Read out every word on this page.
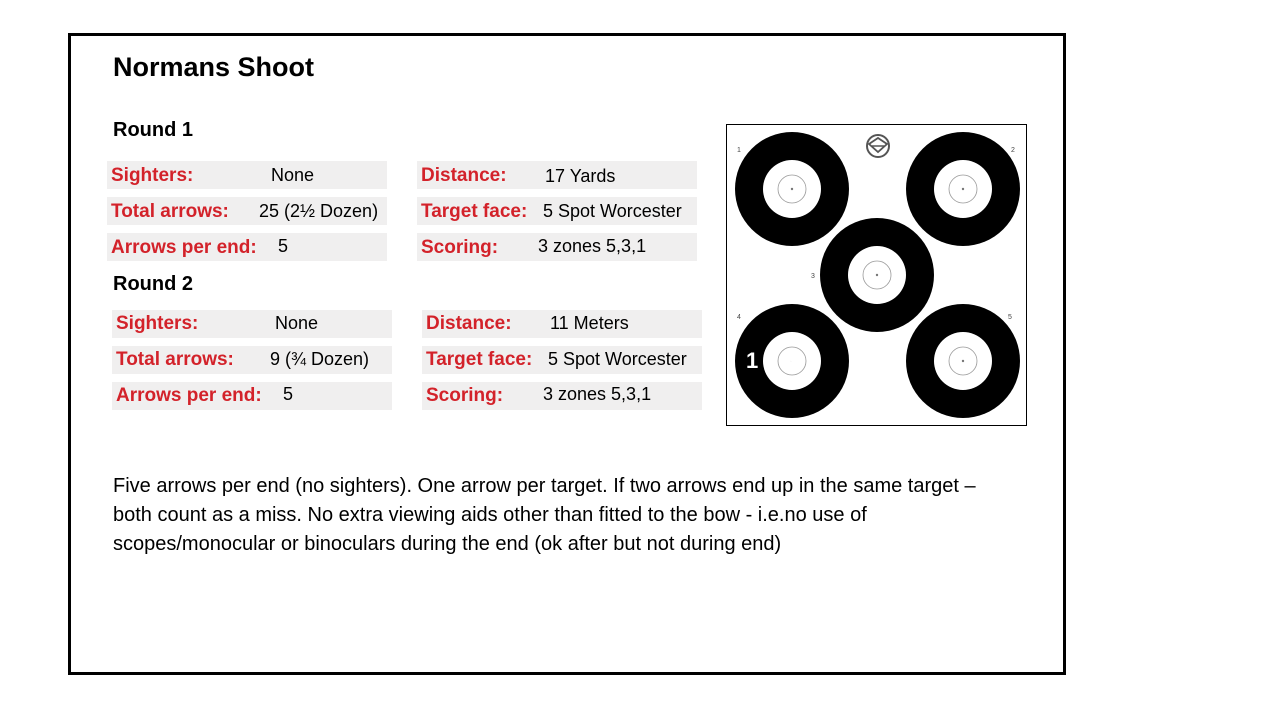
Normans Shoot
Round 1
Sighters:	None
Total arrows: 25 (2½ Dozen)
Arrows per end: 5
Distance: 17 Yards
Target face: 5 Spot Worcester
Scoring: 3 zones 5,3,1
Round 2
Sighters:	None
Total arrows: 9 (¾ Dozen)
Arrows per end: 5
Distance: 11 Meters
Target face: 5 Spot Worcester
Scoring: 3 zones 5,3,1
1	2
3
4	5
1 3 5
Five arrows per end (no sighters). One arrow per target. If two arrows end up in the same target – both count as a miss. No extra viewing aids other than fitted to the bow - i.e.no use of scopes/monocular or binoculars during the end (ok after but not during end)
